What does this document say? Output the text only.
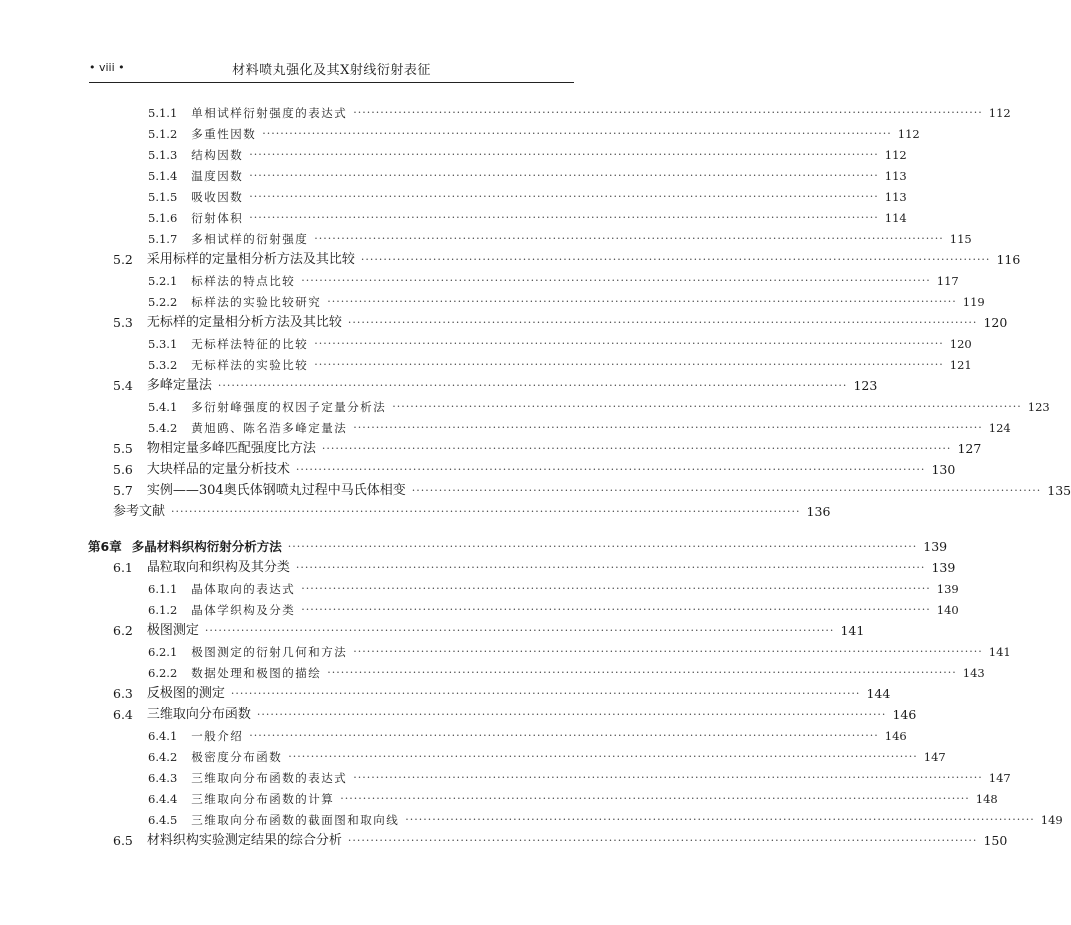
• viii •	材料喷丸强化及其X射线衍射表征
5.1.1 单相试样衍射强度的表达式 ············································································································································ 112
5.1.2 多重性因数 ············································································································································ 112
5.1.3 结构因数 ············································································································································ 112
5.1.4 温度因数 ············································································································································ 113
5.1.5 吸收因数 ············································································································································ 113
5.1.6 衍射体积 ············································································································································ 114
5.1.7 多相试样的衍射强度 ············································································································································ 115
5.2 采用标样的定量相分析方法及其比较 ············································································································································ 116
5.2.1 标样法的特点比较 ············································································································································ 117
5.2.2 标样法的实验比较研究 ············································································································································ 119
5.3 无标样的定量相分析方法及其比较 ············································································································································ 120
5.3.1 无标样法特征的比较 ············································································································································ 120
5.3.2 无标样法的实验比较 ············································································································································ 121
5.4 多峰定量法 ············································································································································ 123
5.4.1 多衍射峰强度的权因子定量分析法 ············································································································································ 123
5.4.2 黄旭鸥、陈名浩多峰定量法 ············································································································································ 124
5.5 物相定量多峰匹配强度比方法 ············································································································································ 127
5.6 大块样品的定量分析技术 ············································································································································ 130
5.7 实例——304奥氏体钢喷丸过程中马氏体相变 ············································································································································ 135
参考文献 ············································································································································ 136
第6章 多晶材料织构衍射分析方法 ············································································································································ 139
6.1 晶粒取向和织构及其分类 ············································································································································ 139
6.1.1 晶体取向的表达式 ············································································································································ 139
6.1.2 晶体学织构及分类 ············································································································································ 140
6.2 极图测定 ············································································································································ 141
6.2.1 极图测定的衍射几何和方法 ············································································································································ 141
6.2.2 数据处理和极图的描绘 ············································································································································ 143
6.3 反极图的测定 ············································································································································ 144
6.4 三维取向分布函数 ············································································································································ 146
6.4.1 一般介绍 ············································································································································ 146
6.4.2 极密度分布函数 ············································································································································ 147
6.4.3 三维取向分布函数的表达式 ············································································································································ 147
6.4.4 三维取向分布函数的计算 ············································································································································ 148
6.4.5 三维取向分布函数的截面图和取向线 ············································································································································ 149
6.5 材料织构实验测定结果的综合分析 ············································································································································ 150
